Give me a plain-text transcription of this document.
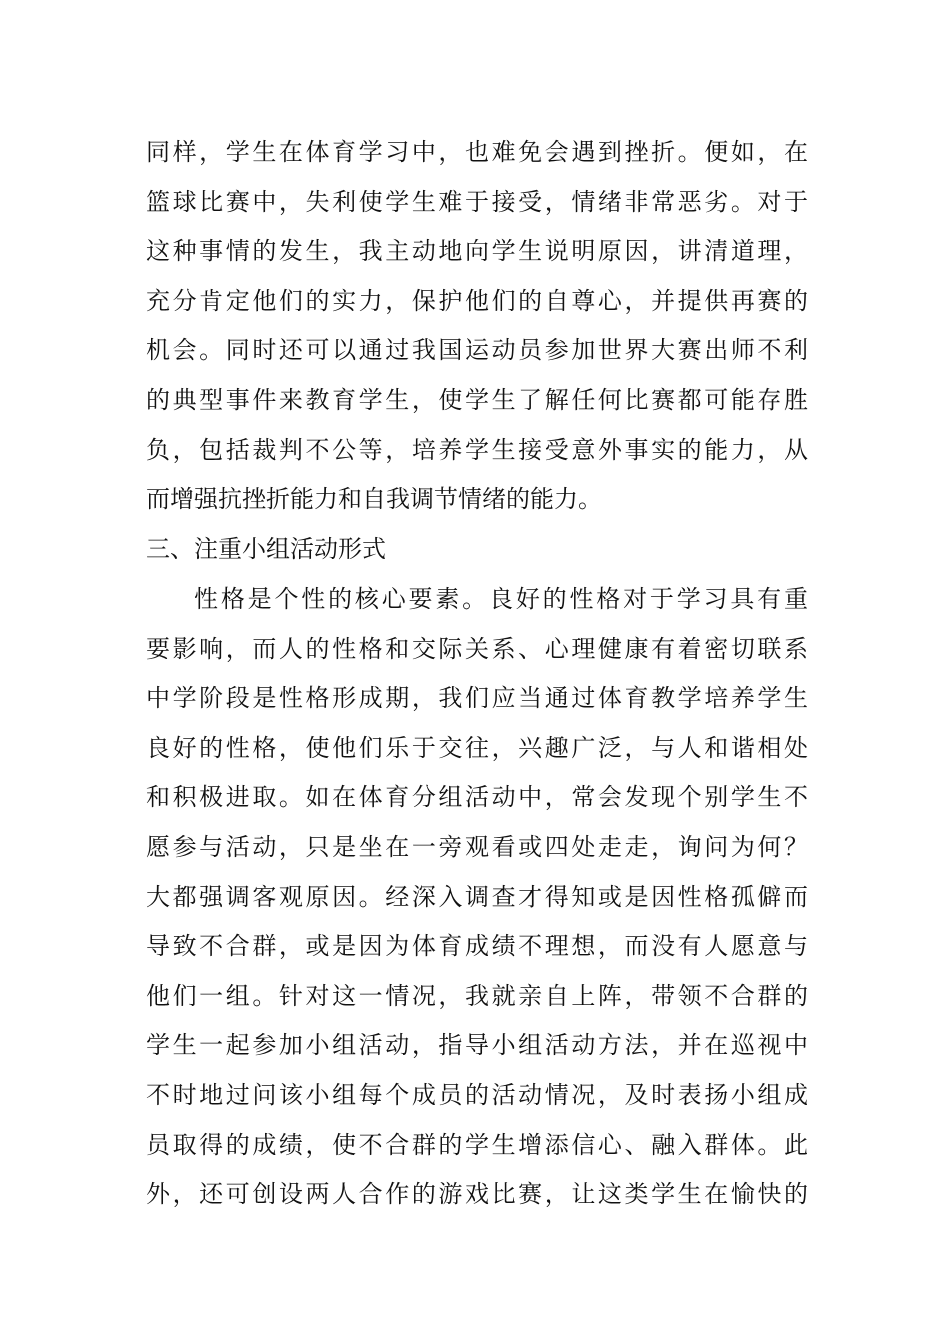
同样，学生在体育学习中，也难免会遇到挫折。便如，在
篮球比赛中，失利使学生难于接受，情绪非常恶劣。对于
这种事情的发生，我主动地向学生说明原因，讲清道理，
充分肯定他们的实力，保护他们的自尊心，并提供再赛的
机会。同时还可以通过我国运动员参加世界大赛出师不利
的典型事件来教育学生，使学生了解任何比赛都可能存胜
负，包括裁判不公等，培养学生接受意外事实的能力，从
而增强抗挫折能力和自我调节情绪的能力。
三、注重小组活动形式
性格是个性的核心要素。良好的性格对于学习具有重
要影响，而人的性格和交际关系、心理健康有着密切联系
中学阶段是性格形成期，我们应当通过体育教学培养学生
良好的性格，使他们乐于交往，兴趣广泛，与人和谐相处
和积极进取。如在体育分组活动中，常会发现个别学生不
愿参与活动，只是坐在一旁观看或四处走走，询问为何？
大都强调客观原因。经深入调查才得知或是因性格孤僻而
导致不合群，或是因为体育成绩不理想，而没有人愿意与
他们一组。针对这一情况，我就亲自上阵，带领不合群的
学生一起参加小组活动，指导小组活动方法，并在巡视中
不时地过问该小组每个成员的活动情况，及时表扬小组成
员取得的成绩，使不合群的学生增添信心、融入群体。此
外，还可创设两人合作的游戏比赛，让这类学生在愉快的
